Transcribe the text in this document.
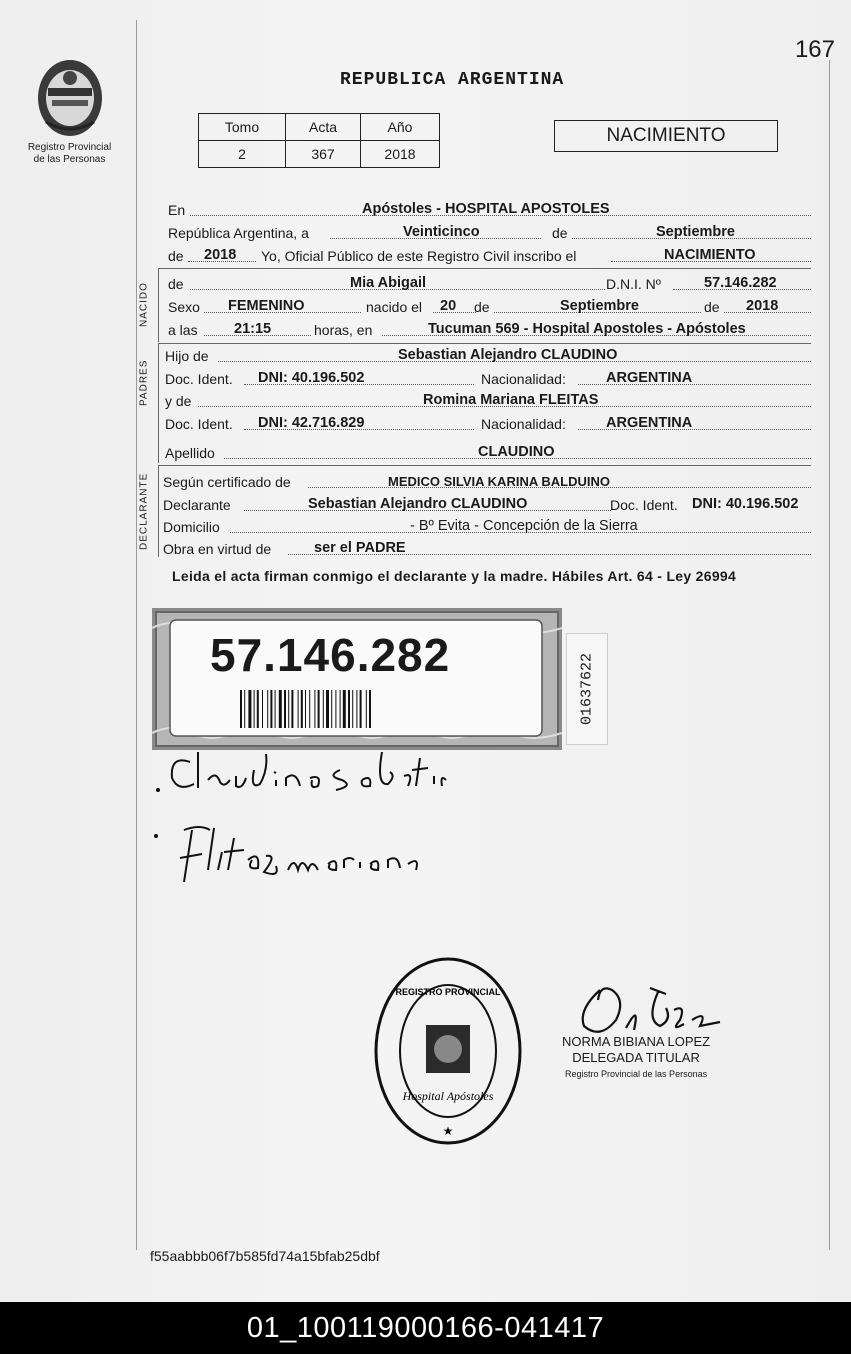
167
Registro Provincial
de las Personas
REPUBLICA ARGENTINA
Tomo	Acta	Año
2	367	2018
NACIMIENTO
En	Apóstoles - HOSPITAL APOSTOLES
República Argentina, a	Veinticinco	de	Septiembre
de 2018 Yo, Oficial Público de este Registro Civil inscribo el	NACIMIENTO
NACIDO	de	Mia Abigail	D.N.I. Nº	57.146.282
Sexo FEMENINO	nacido el 20 de	Septiembre	de 2018
a las	21:15	horas, en	Tucuman 569 - Hospital Apostoles - Apóstoles
PADRES
Hijo de	Sebastian Alejandro CLAUDINO
Doc. Ident. DNI: 40.196.502	Nacionalidad:	ARGENTINA
y de	Romina Mariana FLEITAS
Doc. Ident. DNI: 42.716.829	Nacionalidad:	ARGENTINA
Apellido	CLAUDINO
DECLARANTE Según certificado de	MEDICO SILVIA KARINA BALDUINO
Declarante	Sebastian Alejandro CLAUDINO	Doc. Ident. DNI: 40.196.502
Domicilio	- Bº Evita - Concepción de la Sierra
Obra en virtud de	ser el PADRE
Leida el acta firman conmigo el declarante y la madre. Hábiles Art. 64 - Ley 26994
57.146.282	01637622
REGISTRO PROVINCIAL
Hospital Apóstoles
★
NORMA BIBIANA LOPEZ
DELEGADA TITULAR
Registro Provincial de las Personas
f55aabbb06f7b585fd74a15bfab25dbf
01_100119000166-041417
